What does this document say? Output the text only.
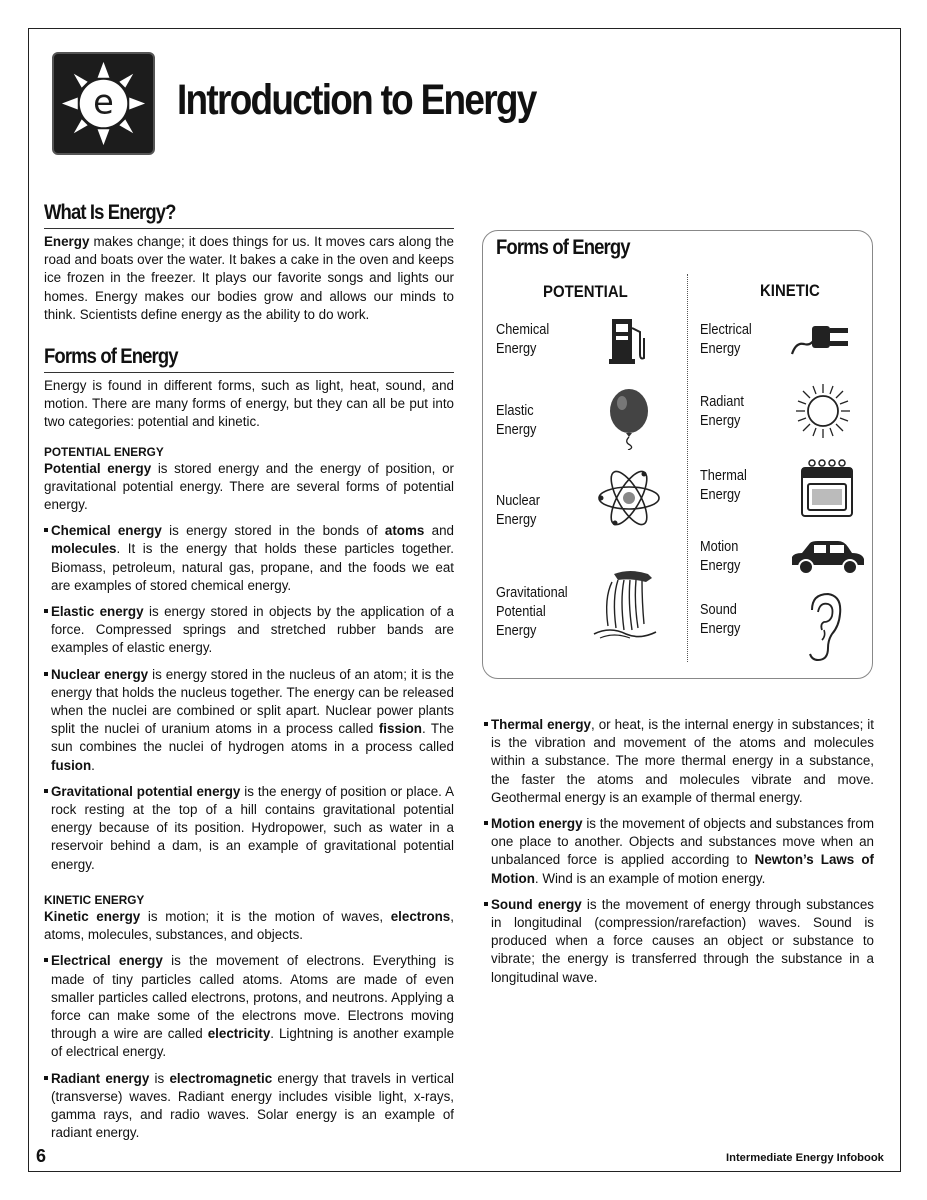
e Introduction to Energy
What Is Energy?

Energy makes change; it does things for us. It moves cars along the road and boats over the water. It bakes a cake in the oven and keeps ice frozen in the freezer. It plays our favorite songs and lights our homes. Energy makes our bodies grow and allows our minds to think. Scientists define energy as the ability to do work.

Forms of Energy

Energy is found in different forms, such as light, heat, sound, and motion. There are many forms of energy, but they can all be put into two categories: potential and kinetic.

POTENTIAL ENERGY

Potential energy is stored energy and the energy of position, or gravitational potential energy. There are several forms of potential energy.

Chemical energy is energy stored in the bonds of atoms and molecules. It is the energy that holds these particles together. Biomass, petroleum, natural gas, propane, and the foods we eat are examples of stored chemical energy.
Elastic energy is energy stored in objects by the application of a force. Compressed springs and stretched rubber bands are examples of elastic energy.
Nuclear energy is energy stored in the nucleus of an atom; it is the energy that holds the nucleus together. The energy can be released when the nuclei are combined or split apart. Nuclear power plants split the nuclei of uranium atoms in a process called fission. The sun combines the nuclei of hydrogen atoms in a process called fusion.
Gravitational potential energy is the energy of position or place. A rock resting at the top of a hill contains gravitational potential energy because of its position. Hydropower, such as water in a reservoir behind a dam, is an example of gravitational potential energy.
KINETIC ENERGY

Kinetic energy is motion; it is the motion of waves, electrons, atoms, molecules, substances, and objects.

Electrical energy is the movement of electrons. Everything is made of tiny particles called atoms. Atoms are made of even smaller particles called electrons, protons, and neutrons. Applying a force can make some of the electrons move. Electrons moving through a wire are called electricity. Lightning is another example of electrical energy.
Radiant energy is electromagnetic energy that travels in vertical (transverse) waves. Radiant energy includes visible light, x-rays, gamma rays, and radio waves. Solar energy is an example of radiant energy.
Forms of Energy
POTENTIAL	KINETIC
Chemical
Energy
Elastic
Energy
Nuclear
Energy
Gravitational
Potential
Energy
Electrical
Energy
Radiant
Energy
Thermal
Energy
Motion
Energy
Sound
Energy
Thermal energy, or heat, is the internal energy in substances; it is the vibration and movement of the atoms and molecules within a substance. The more thermal energy in a substance, the faster the atoms and molecules vibrate and move. Geothermal energy is an example of thermal energy.
Motion energy is the movement of objects and substances from one place to another. Objects and substances move when an unbalanced force is applied according to Newton’s Laws of Motion. Wind is an example of motion energy.
Sound energy is the movement of energy through substances in longitudinal (compression/rarefaction) waves. Sound is produced when a force causes an object or substance to vibrate; the energy is transferred through the substance in a longitudinal wave.
6	Intermediate Energy Infobook
